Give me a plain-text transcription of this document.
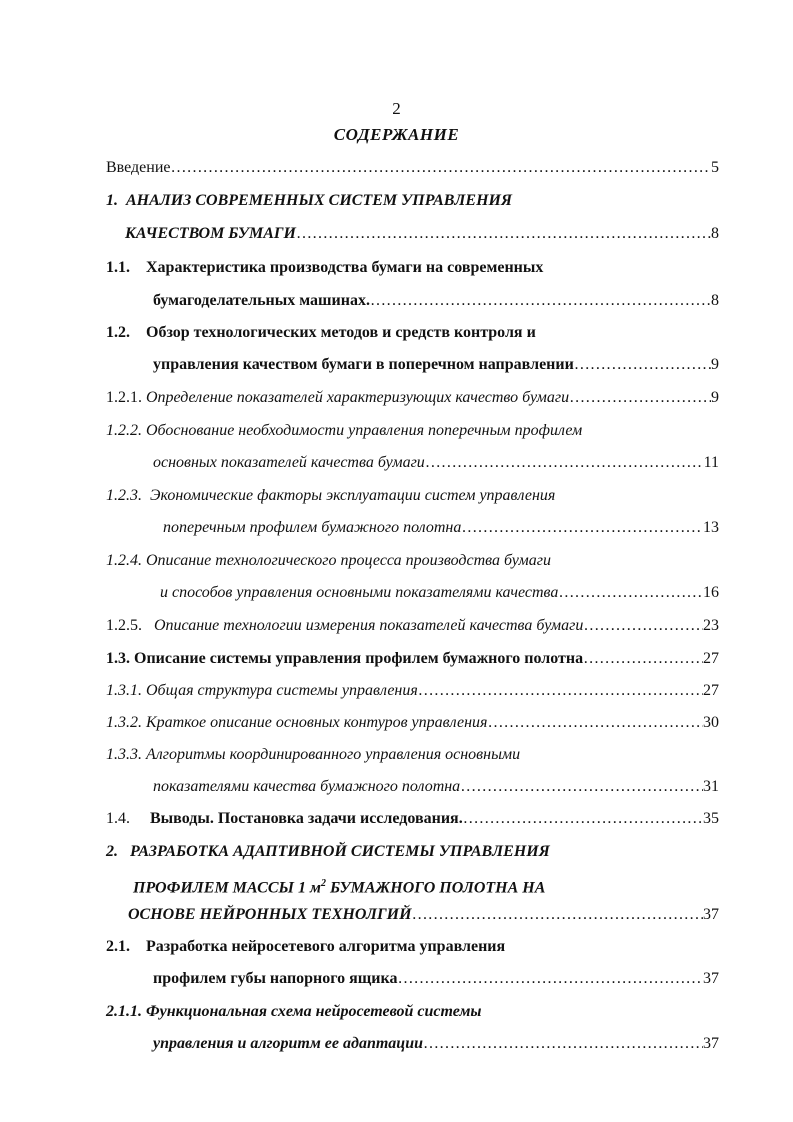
2
СОДЕРЖАНИЕ
Введение …………………………………………………………………………………………………………………………………………………………………………………	5
1. АНАЛИЗ СОВРЕМЕННЫХ СИСТЕМ УПРАВЛЕНИЯ
КАЧЕСТВОМ БУМАГИ …………………………………………………………………………………………………………………………………………………………………………………	8
1.1. Характеристика производства бумаги на современных
бумагоделательных машинах. …………………………………………………………………………………………………………………………………………………………………………………	8
1.2. Обзор технологических методов и средств контроля и
управления качеством бумаги в поперечном направлении …………………………………………………………………………………………………………………………………………………………………………………	9
1.2.1. Определение показателей характеризующих качество бумаги …………………………………………………………………………………………………………………………………………………………………………………	9
1.2.2. Обоснование необходимости управления поперечным профилем
основных показателей качества бумаги …………………………………………………………………………………………………………………………………………………………………………………	11
1.2.3. Экономические факторы эксплуатации систем управления
поперечным профилем бумажного полотна …………………………………………………………………………………………………………………………………………………………………………………	13
1.2.4. Описание технологического процесса производства бумаги
и способов управления основными показателями качества …………………………………………………………………………………………………………………………………………………………………………………	16
1.2.5. Описание технологии измерения показателей качества бумаги …………………………………………………………………………………………………………………………………………………………………………………	23
1.3. Описание системы управления профилем бумажного полотна …………………………………………………………………………………………………………………………………………………………………………………	27
1.3.1. Общая структура системы управления …………………………………………………………………………………………………………………………………………………………………………………	27
1.3.2. Краткое описание основных контуров управления …………………………………………………………………………………………………………………………………………………………………………………	30
1.3.3. Алгоритмы координированного управления основными
показателями качества бумажного полотна …………………………………………………………………………………………………………………………………………………………………………………	31
1.4. Выводы. Постановка задачи исследования. …………………………………………………………………………………………………………………………………………………………………………………	35
2. РАЗРАБОТКА АДАПТИВНОЙ СИСТЕМЫ УПРАВЛЕНИЯ
ПРОФИЛЕМ МАССЫ 1 $м^2$ БУМАЖНОГО ПОЛОТНА НА
ОСНОВЕ НЕЙРОННЫХ ТЕХНОЛГИЙ …………………………………………………………………………………………………………………………………………………………………………………	37
2.1. Разработка нейросетевого алгоритма управления
профилем губы напорного ящика …………………………………………………………………………………………………………………………………………………………………………………	37
2.1.1. Функциональная схема нейросетевой системы
управления и алгоритм ее адаптации …………………………………………………………………………………………………………………………………………………………………………………	37
